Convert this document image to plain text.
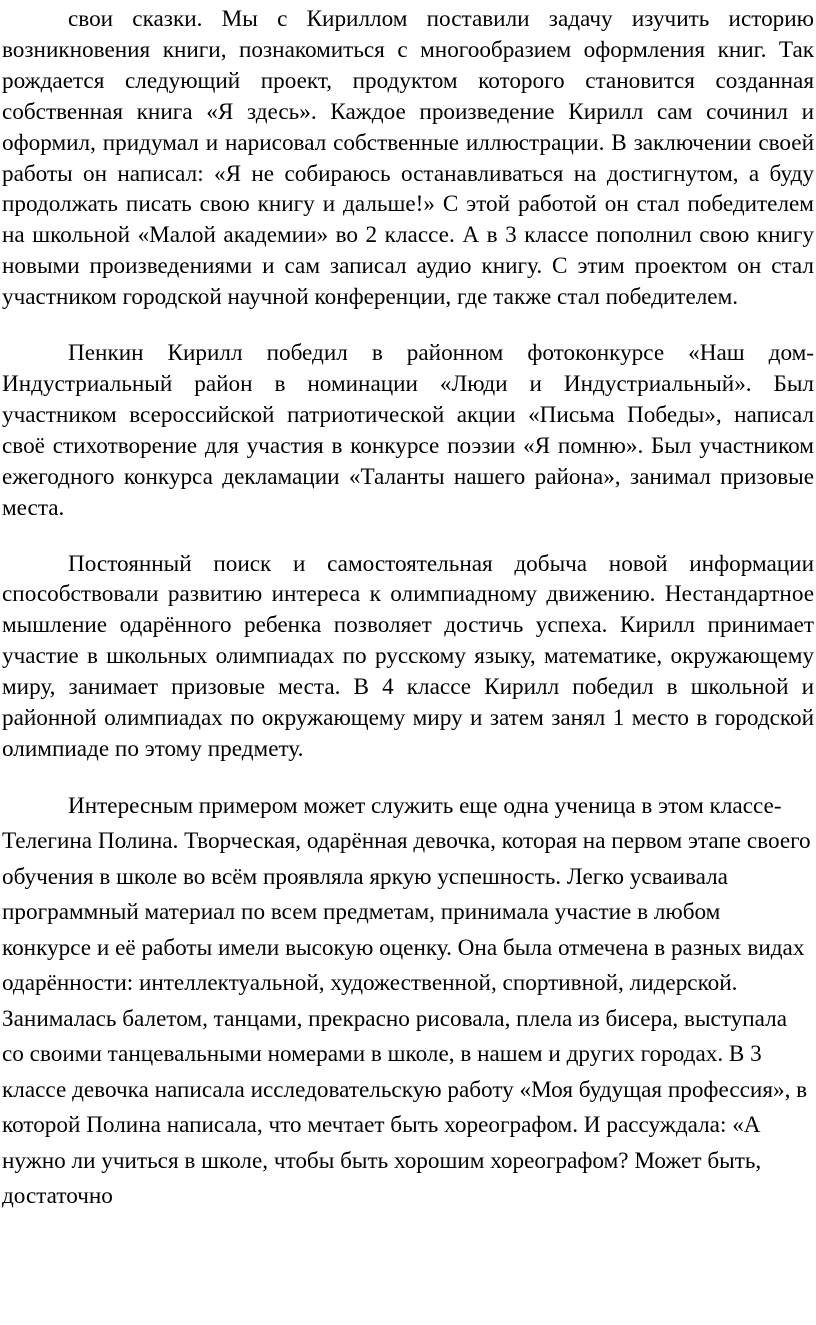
свои сказки. Мы с Кириллом поставили задачу изучить историю возникновения книги, познакомиться с многообразием оформления книг. Так рождается следующий проект, продуктом которого становится созданная собственная книга «Я здесь». Каждое произведение Кирилл сам сочинил и оформил, придумал и нарисовал собственные иллюстрации. В заключении своей работы он написал: «Я не собираюсь останавливаться на достигнутом, а буду продолжать писать свою книгу и дальше!» С этой работой он стал победителем на школьной «Малой академии» во 2 классе. А в 3 классе пополнил свою книгу новыми произведениями и сам записал аудио книгу. С этим проектом он стал участником городской научной конференции, где также стал победителем.

Пенкин Кирилл победил в районном фотоконкурсе «Наш дом- Индустриальный район в номинации «Люди и Индустриальный». Был участником всероссийской патриотической акции «Письма Победы», написал своё стихотворение для участия в конкурсе поэзии «Я помню». Был участником ежегодного конкурса декламации «Таланты нашего района», занимал призовые места.

Постоянный поиск и самостоятельная добыча новой информации способствовали развитию интереса к олимпиадному движению. Нестандартное мышление одарённого ребенка позволяет достичь успеха. Кирилл принимает участие в школьных олимпиадах по русскому языку, математике, окружающему миру, занимает призовые места. В 4 классе Кирилл победил в школьной и районной олимпиадах по окружающему миру и затем занял 1 место в городской олимпиаде по этому предмету.

Интересным примером может служить еще одна ученица в этом классе- Телегина Полина. Творческая, одарённая девочка, которая на первом этапе своего обучения в школе во всём проявляла яркую успешность. Легко усваивала программный материал по всем предметам, принимала участие в любом конкурсе и её работы имели высокую оценку. Она была отмечена в разных видах одарённости: интеллектуальной, художественной, спортивной, лидерской. Занималась балетом, танцами, прекрасно рисовала, плела из бисера, выступала со своими танцевальными номерами в школе, в нашем и других городах. В 3 классе девочка написала исследовательскую работу «Моя будущая профессия», в которой Полина написала, что мечтает быть хореографом. И рассуждала: «А нужно ли учиться в школе, чтобы быть хорошим хореографом? Может быть, достаточно
